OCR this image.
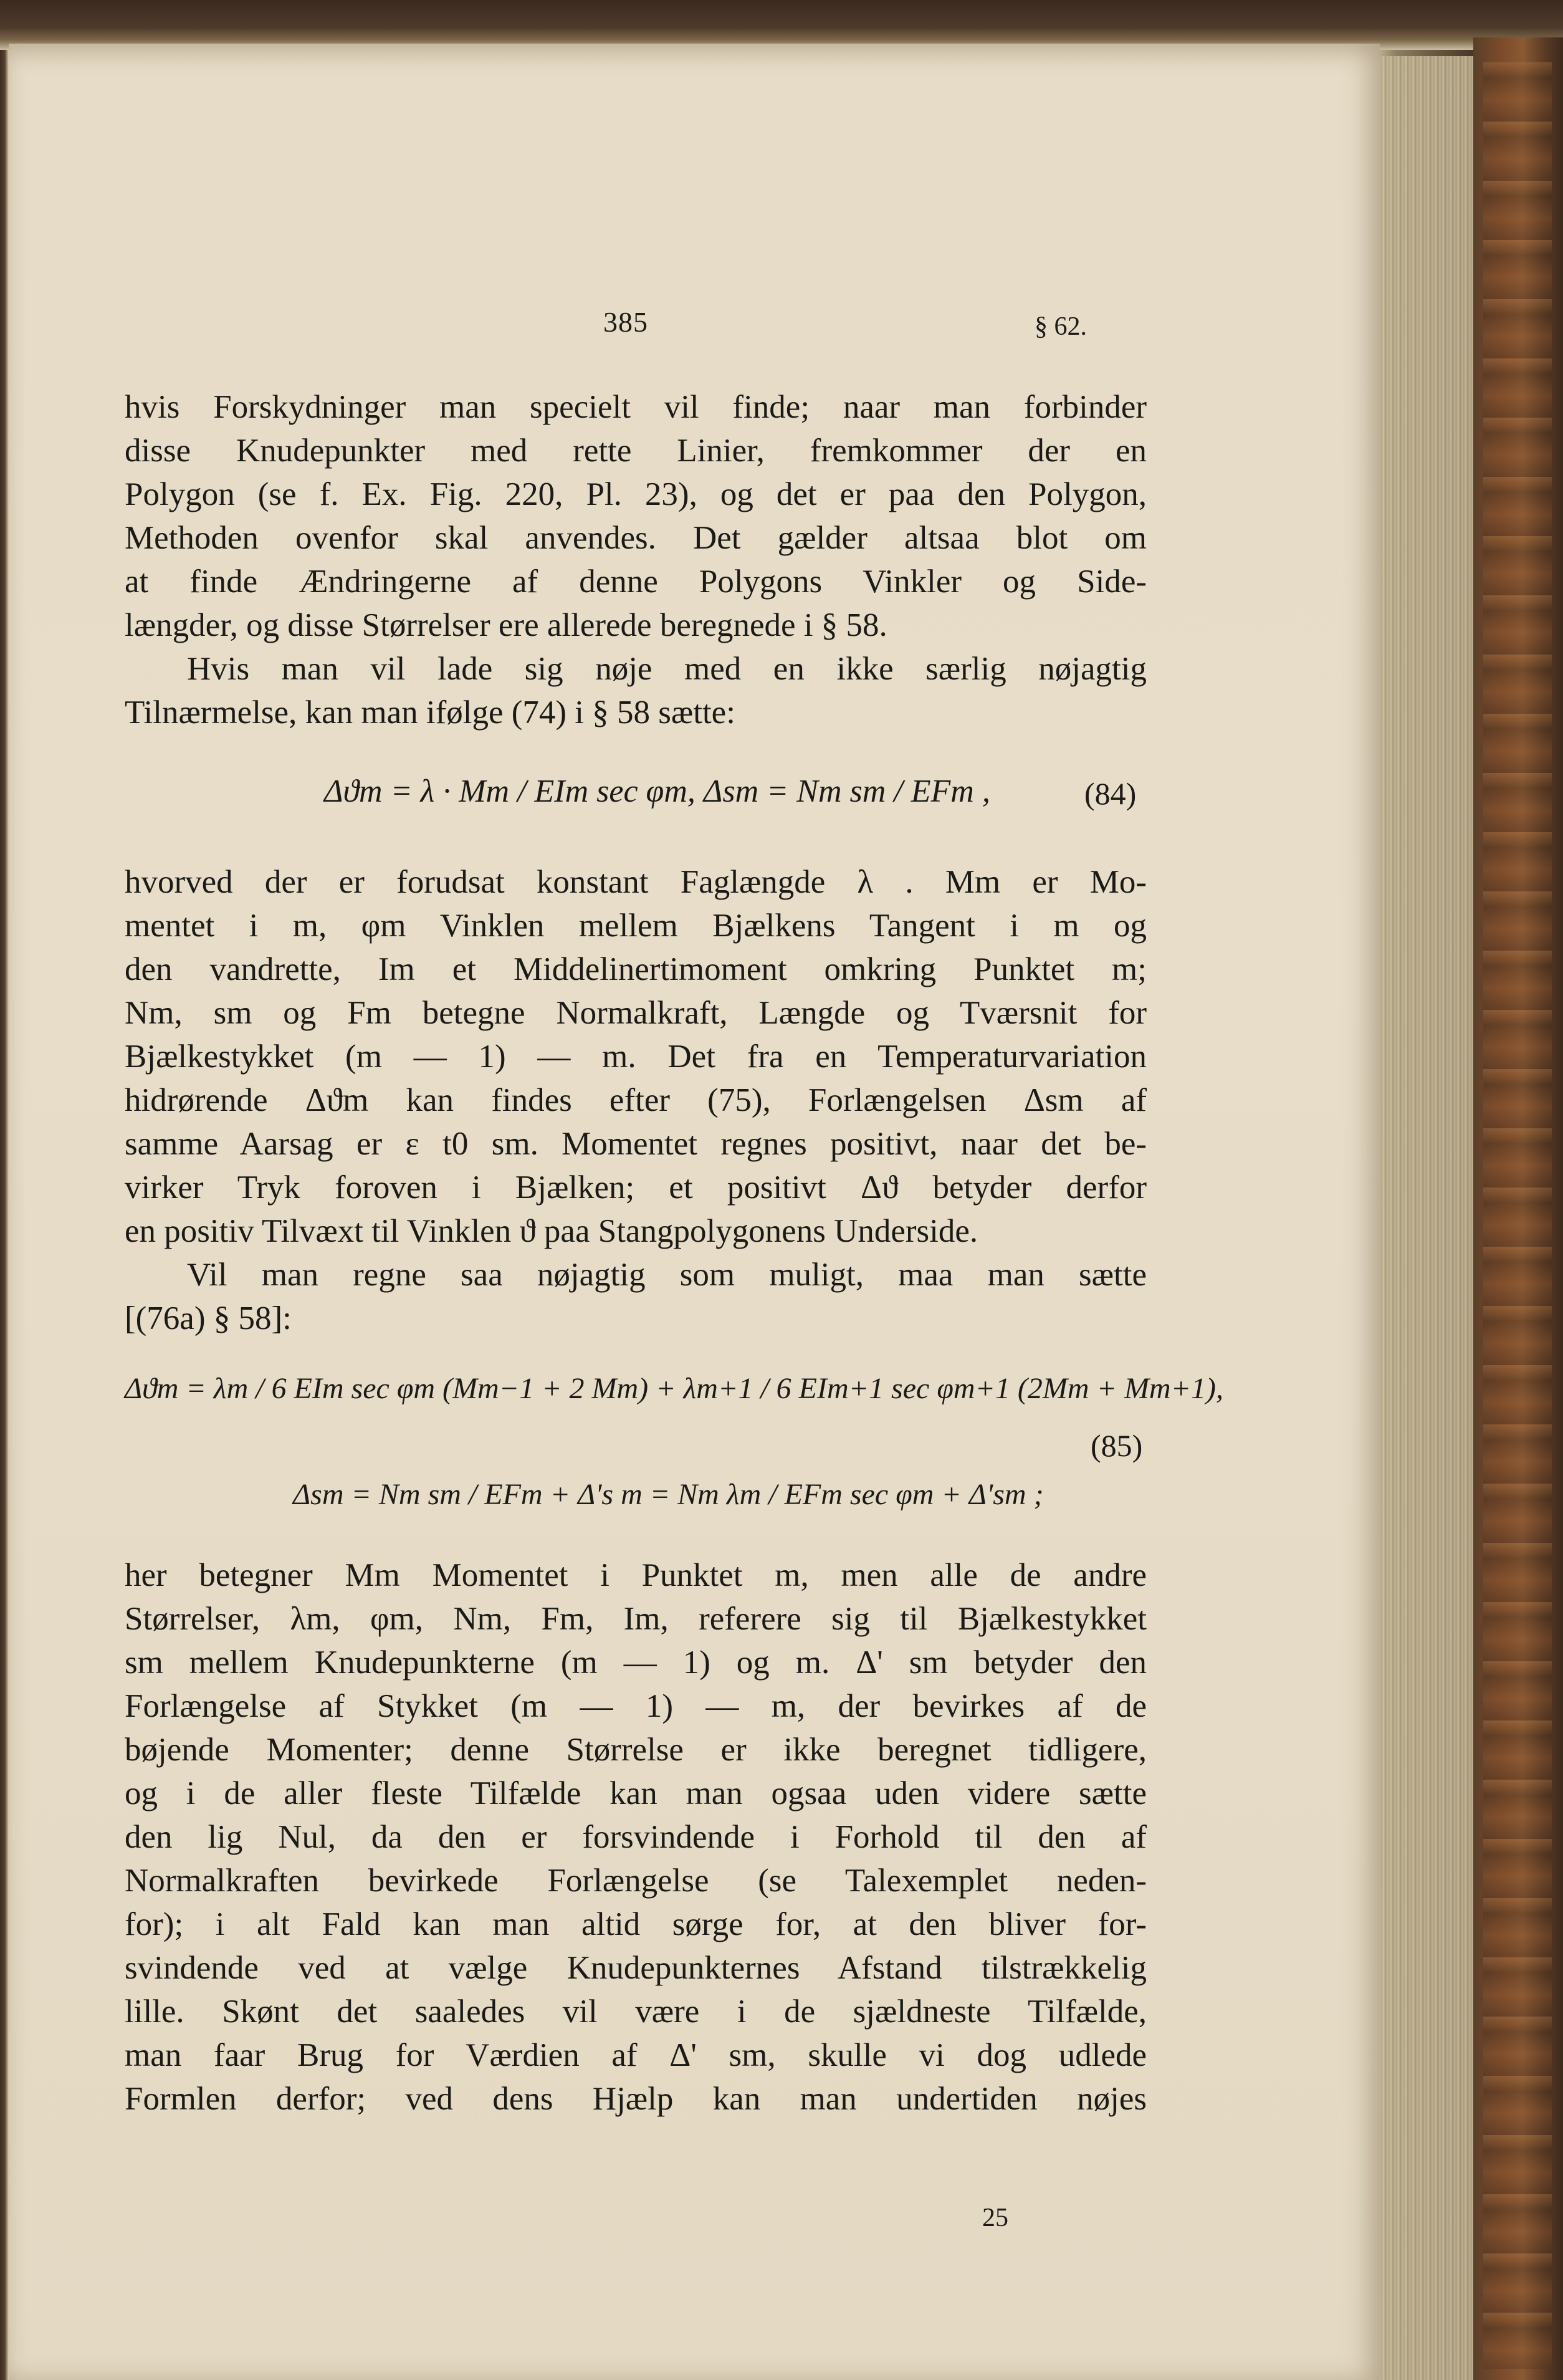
385	§ 62.
hvis Forskydninger man specielt vil finde; naar man forbinder
disse Knudepunkter med rette Linier, fremkommer der en
Polygon (se f. Ex. Fig. 220, Pl. 23), og det er paa den Polygon,
Methoden ovenfor skal anvendes. Det gælder altsaa blot om
at finde Ændringerne af denne Polygons Vinkler og Side-
længder, og disse Størrelser ere allerede beregnede i § 58.
Hvis man vil lade sig nøje med en ikke særlig nøjagtig
Tilnærmelse, kan man ifølge (74) i § 58 sætte:
Δϑm = λ · Mm / EIm sec φm, Δsm = Nm sm / EFm ,	(84)
hvorved der er forudsat konstant Faglængde λ . Mm er Mo-
mentet i m, φm Vinklen mellem Bjælkens Tangent i m og
den vandrette, Im et Middelinertimoment omkring Punktet m;
Nm, sm og Fm betegne Normalkraft, Længde og Tværsnit for
Bjælkestykket (m — 1) — m. Det fra en Temperaturvariation
hidrørende Δϑm kan findes efter (75), Forlængelsen Δsm af
samme Aarsag er ε t0 sm. Momentet regnes positivt, naar det be-
virker Tryk foroven i Bjælken; et positivt Δϑ betyder derfor
en positiv Tilvæxt til Vinklen ϑ paa Stangpolygonens Underside.
Vil man regne saa nøjagtig som muligt, maa man sætte
[(76a) § 58]:
Δϑm = λm / 6 EIm sec φm (Mm−1 + 2 Mm) + λm+1 / 6 EIm+1 sec φm+1 (2Mm + Mm+1),
(85)
Δsm = Nm sm / EFm + Δ's m = Nm λm / EFm sec φm + Δ'sm ;
her betegner Mm Momentet i Punktet m, men alle de andre
Størrelser, λm, φm, Nm, Fm, Im, referere sig til Bjælkestykket
sm mellem Knudepunkterne (m — 1) og m. Δ' sm betyder den
Forlængelse af Stykket (m — 1) — m, der bevirkes af de
bøjende Momenter; denne Størrelse er ikke beregnet tidligere,
og i de aller fleste Tilfælde kan man ogsaa uden videre sætte
den lig Nul, da den er forsvindende i Forhold til den af
Normalkraften bevirkede Forlængelse (se Talexemplet neden-
for); i alt Fald kan man altid sørge for, at den bliver for-
svindende ved at vælge Knudepunkternes Afstand tilstrækkelig
lille. Skønt det saaledes vil være i de sjældneste Tilfælde,
man faar Brug for Værdien af Δ' sm, skulle vi dog udlede
Formlen derfor; ved dens Hjælp kan man undertiden nøjes
25
